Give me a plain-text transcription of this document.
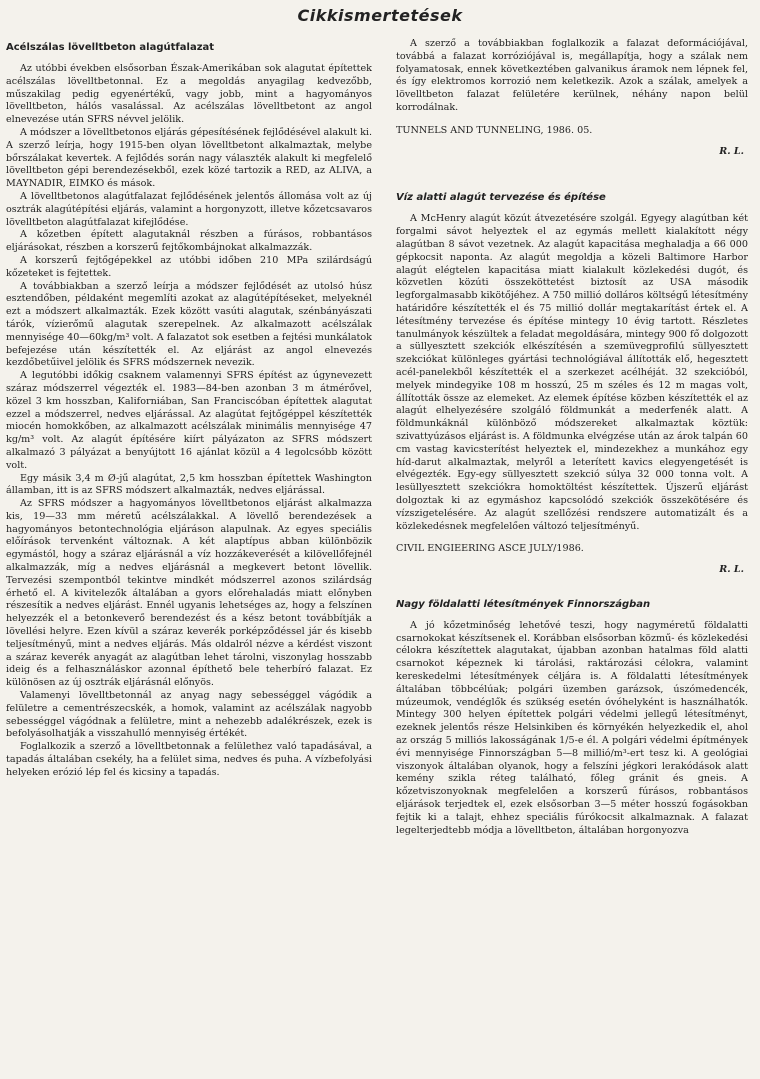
Cikkismertetések
Acélszálas lövelltbeton alagútfalazat

Az utóbbi években elsősorban Észak-Amerikában sok alagutat építettek acélszálas lövelltbetonnal. Ez a megoldás anyagilag kedvezőbb, műszakilag pedig egyenértékű, vagy jobb, mint a hagyományos lövelltbeton, hálós vasalással. Az acélszálas lövelltbetont az angol elnevezése után SFRS névvel jelölik.

A módszer a lövelltbetonos eljárás gépesítésének fejlődésével alakult ki. A szerző leírja, hogy 1915-ben olyan lövelltbetont alkalmaztak, melybe bőrszálakat kevertek. A fejlődés során nagy választék alakult ki megfelelő lövelltbeton gépi berendezésekből, ezek közé tartozik a RED, az ALIVA, a MAYNADIR, EIMKO és mások.

A lövelltbetonos alagútfalazat fejlődésének jelentős állomása volt az új osztrák alagútépítési eljárás, valamint a horgonyzott, illetve kőzetcsavaros lövelltbeton alagútfalazat kifejlődése.

A kőzetben épített alagutaknál részben a fúrásos, robbantásos eljárásokat, részben a korszerű fejtőkombájnokat alkalmazzák.

A korszerű fejtőgépekkel az utóbbi időben 210 MPa szilárdságú kőzeteket is fejtettek.

A továbbiakban a szerző leírja a módszer fejlődését az utolsó húsz esztendőben, példaként megemlíti azokat az alagútépítéseket, melyeknél ezt a módszert alkalmazták. Ezek között vasúti alagutak, szénbányászati tárók, vízierőmű alagutak szerepelnek. Az alkalmazott acélszálak mennyisége 40—60kg/m³ volt. A falazatot sok esetben a fejtési munkálatok befejezése után készítették el. Az eljárást az angol elnevezés kezdőbetűivel jelölik és SFRS módszernek nevezik.

A legutóbbi időkig csaknem valamennyi SFRS építést az úgynevezett száraz módszerrel végezték el. 1983—84-ben azonban 3 m átmérővel, közel 3 km hosszban, Kaliforniában, San Franciscóban építettek alagutat ezzel a módszerrel, nedves eljárással. Az alagútat fejtőgéppel készítették miocén homokkőben, az alkalmazott acélszálak minimális mennyisége 47 kg/m³ volt. Az alagút építésére kiírt pályázaton az SFRS módszert alkalmazó 3 pályázat a benyújtott 16 ajánlat közül a 4 legolcsóbb között volt.

Egy másik 3,4 m Ø-jű alagútat, 2,5 km hosszban építettek Washington államban, itt is az SFRS módszert alkalmazták, nedves eljárással.

Az SFRS módszer a hagyományos lövelltbetonos eljárást alkalmazza kis, 19—33 mm méretű acélszálakkal. A lövellő berendezések a hagyományos betontechnológia eljáráson alapulnak. Az egyes speciális előírások tervenként változnak. A két alaptípus abban különbözik egymástól, hogy a száraz eljárásnál a víz hozzákeverését a kilövellőfejnél alkalmazzák, míg a nedves eljárásnál a megkevert betont lövellik. Tervezési szempontból tekintve mindkét módszerrel azonos szilárdság érhető el. A kivitelezők általában a gyors előrehaladás miatt előnyben részesítik a nedves eljárást. Ennél ugyanis lehetséges az, hogy a felszínen helyezzék el a betonkeverő berendezést és a kész betont továbbítják a lövellési helyre. Ezen kívül a száraz keverék porképződéssel jár és kisebb teljesítményű, mint a nedves eljárás. Más oldalról nézve a kérdést viszont a száraz keverék anyagát az alagútban lehet tárolni, viszonylag hosszabb ideig és a felhasználáskor azonnal építhető bele teherbíró falazat. Ez különösen az új osztrák eljárásnál előnyös.

Valamenyi lövelltbetonnál az anyag nagy sebességgel vágódik a felületre a cementrészecskék, a homok, valamint az acélszálak nagyobb sebességgel vágódnak a felületre, mint a nehezebb adalékrészek, ezek is befolyásolhatják a visszahulló mennyiség értékét.

Foglalkozik a szerző a lövelltbetonnak a felülethez való tapadásával, a tapadás általában csekély, ha a felület sima, nedves és puha. A vízbefolyási helyeken erózió lép fel és kicsiny a tapadás.

A szerző a továbbiakban foglalkozik a falazat deformációjával, továbbá a falazat korróziójával is, megállapítja, hogy a szálak nem folyamatosak, ennek következtében galvanikus áramok nem lépnek fel, és így elektromos korrozió nem keletkezik. Azok a szálak, amelyek a lövelltbeton falazat felületére kerülnek, néhány napon belül korrodálnak.

TUNNELS AND TUNNELING, 1986. 05.

R. L.
Víz alatti alagút tervezése és építése

A McHenry alagút közút átvezetésére szolgál. Egyegy alagútban két forgalmi sávot helyeztek el az egymás mellett kialakított négy alagútban 8 sávot vezetnek. Az alagút kapacitása meghaladja a 66 000 gépkocsit naponta. Az alagút megoldja a közeli Baltimore Harbor alagút elégtelen kapacitása miatt kialakult közlekedési dugót, és közvetlen közúti összeköttetést biztosít az USA második legforgalmasabb kikötőjéhez. A 750 millió dolláros költségű létesítmény határidőre készítették el és 75 millió dollár megtakarítást értek el. A létesítmény tervezése és építése mintegy 10 évig tartott. Részletes tanulmányok készültek a feladat megoldására, mintegy 900 fő dolgozott a süllyesztett szekciók elkészítésén a szemüvegprofilú süllyesztett szekciókat különleges gyártási technológiával állították elő, hegesztett acél-panelekből készítették el a szerkezet acélhéját. 32 szekcióból, melyek mindegyike 108 m hosszú, 25 m széles és 12 m magas volt, állították össze az elemeket. Az elemek építése közben készítették el az alagút elhelyezésére szolgáló földmunkát a mederfenék alatt. A földmunkáknál különböző módszereket alkalmaztak köztük: szivattyúzásos eljárást is. A földmunka elvégzése után az árok talpán 60 cm vastag kavicsterítést helyeztek el, mindezekhez a munkához egy híd-darut alkalmaztak, melyről a leterített kavics elegyengetését is elvégezték. Egy-egy süllyesztett szekció súlya 32 000 tonna volt. A lesüllyesztett szekciókra homoktöltést készítettek. Újszerű eljárást dolgoztak ki az egymáshoz kapcsolódó szekciók összekötésére és vízszigetelésére. Az alagút szellőzési rendszere automatizált és a közlekedésnek megfelelően változó teljesítményű.

CIVIL ENGIEERING ASCE JULY/1986.

R. L.
Nagy földalatti létesítmények Finnországban

A jó kőzetminőség lehetővé teszi, hogy nagyméretű földalatti csarnokokat készítsenek el. Korábban elsősorban közmű- és közlekedési célokra készítettek alagutakat, újabban azonban hatalmas föld alatti csarnokot képeznek ki tárolási, raktározási célokra, valamint kereskedelmi létesítmények céljára is. A földalatti létesítmények általában többcélúak; polgári üzemben garázsok, úszómedencék, múzeumok, vendéglők és szükség esetén óvóhelyként is használhatók. Mintegy 300 helyen építettek polgári védelmi jellegű létesítményt, ezeknek jelentős része Helsinkiben és környékén helyezkedik el, ahol az ország 5 milliós lakosságának 1/5-e él. A polgári védelmi építmények évi mennyisége Finnországban 5—8 millió/m³-ert tesz ki. A geológiai viszonyok általában olyanok, hogy a felszíni jégkori lerakódások alatt kemény szikla réteg található, főleg gránit és gneis. A kőzetviszonyoknak megfelelően a korszerű fúrásos, robbantásos eljárások terjedtek el, ezek elsősorban 3—5 méter hosszú fogásokban fejtik ki a talajt, ehhez speciális fúrókocsit alkalmaznak. A falazat legelterjedtebb módja a lövelltbeton, általában horgonyozva
